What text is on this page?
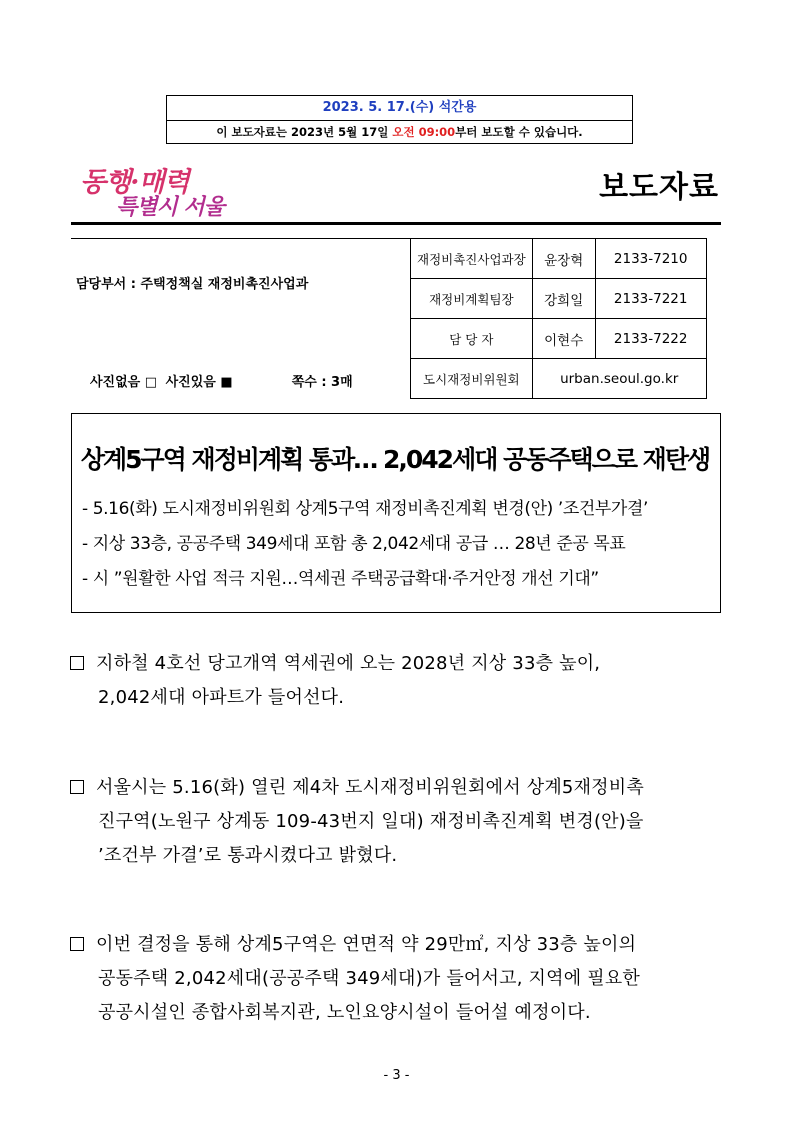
2023. 5. 17.(수) 석간용
이 보도자료는 2023년 5월 17일 오전 09:00부터 보도할 수 있습니다.
동행·매력
특별시 서울
보도자료
담당부서 : 주택정책실 재정비촉진사업과
사진없음 □ 사진있음 ■	쪽수 : 3매
재정비촉진사업과장	윤장혁	2133-7210
재정비계획팀장	강희일	2133-7221
담 당 자	이현수	2133-7222
도시재정비위원회	urban.seoul.go.kr	
상계5구역 재정비계획 통과… 2,042세대 공동주택으로 재탄생
- 5.16(화) 도시재정비위원회 상계5구역 재정비촉진계획 변경(안) ’조건부가결’
- 지상 33층, 공공주택 349세대 포함 총 2,042세대 공급 … 28년 준공 목표
- 시 ”원활한 사업 적극 지원…역세권 주택공급확대·주거안정 개선 기대”
지하철 4호선 당고개역 역세권에 오는 2028년 지상 33층 높이,
2,042세대 아파트가 들어선다.
서울시는 5.16(화) 열린 제4차 도시재정비위원회에서 상계5재정비촉
진구역(노원구 상계동 109-43번지 일대) 재정비촉진계획 변경(안)을
’조건부 가결’로 통과시켰다고 밝혔다.
이번 결정을 통해 상계5구역은 연면적 약 29만㎡, 지상 33층 높이의
공동주택 2,042세대(공공주택 349세대)가 들어서고, 지역에 필요한
공공시설인 종합사회복지관, 노인요양시설이 들어설 예정이다.
- 3 -
